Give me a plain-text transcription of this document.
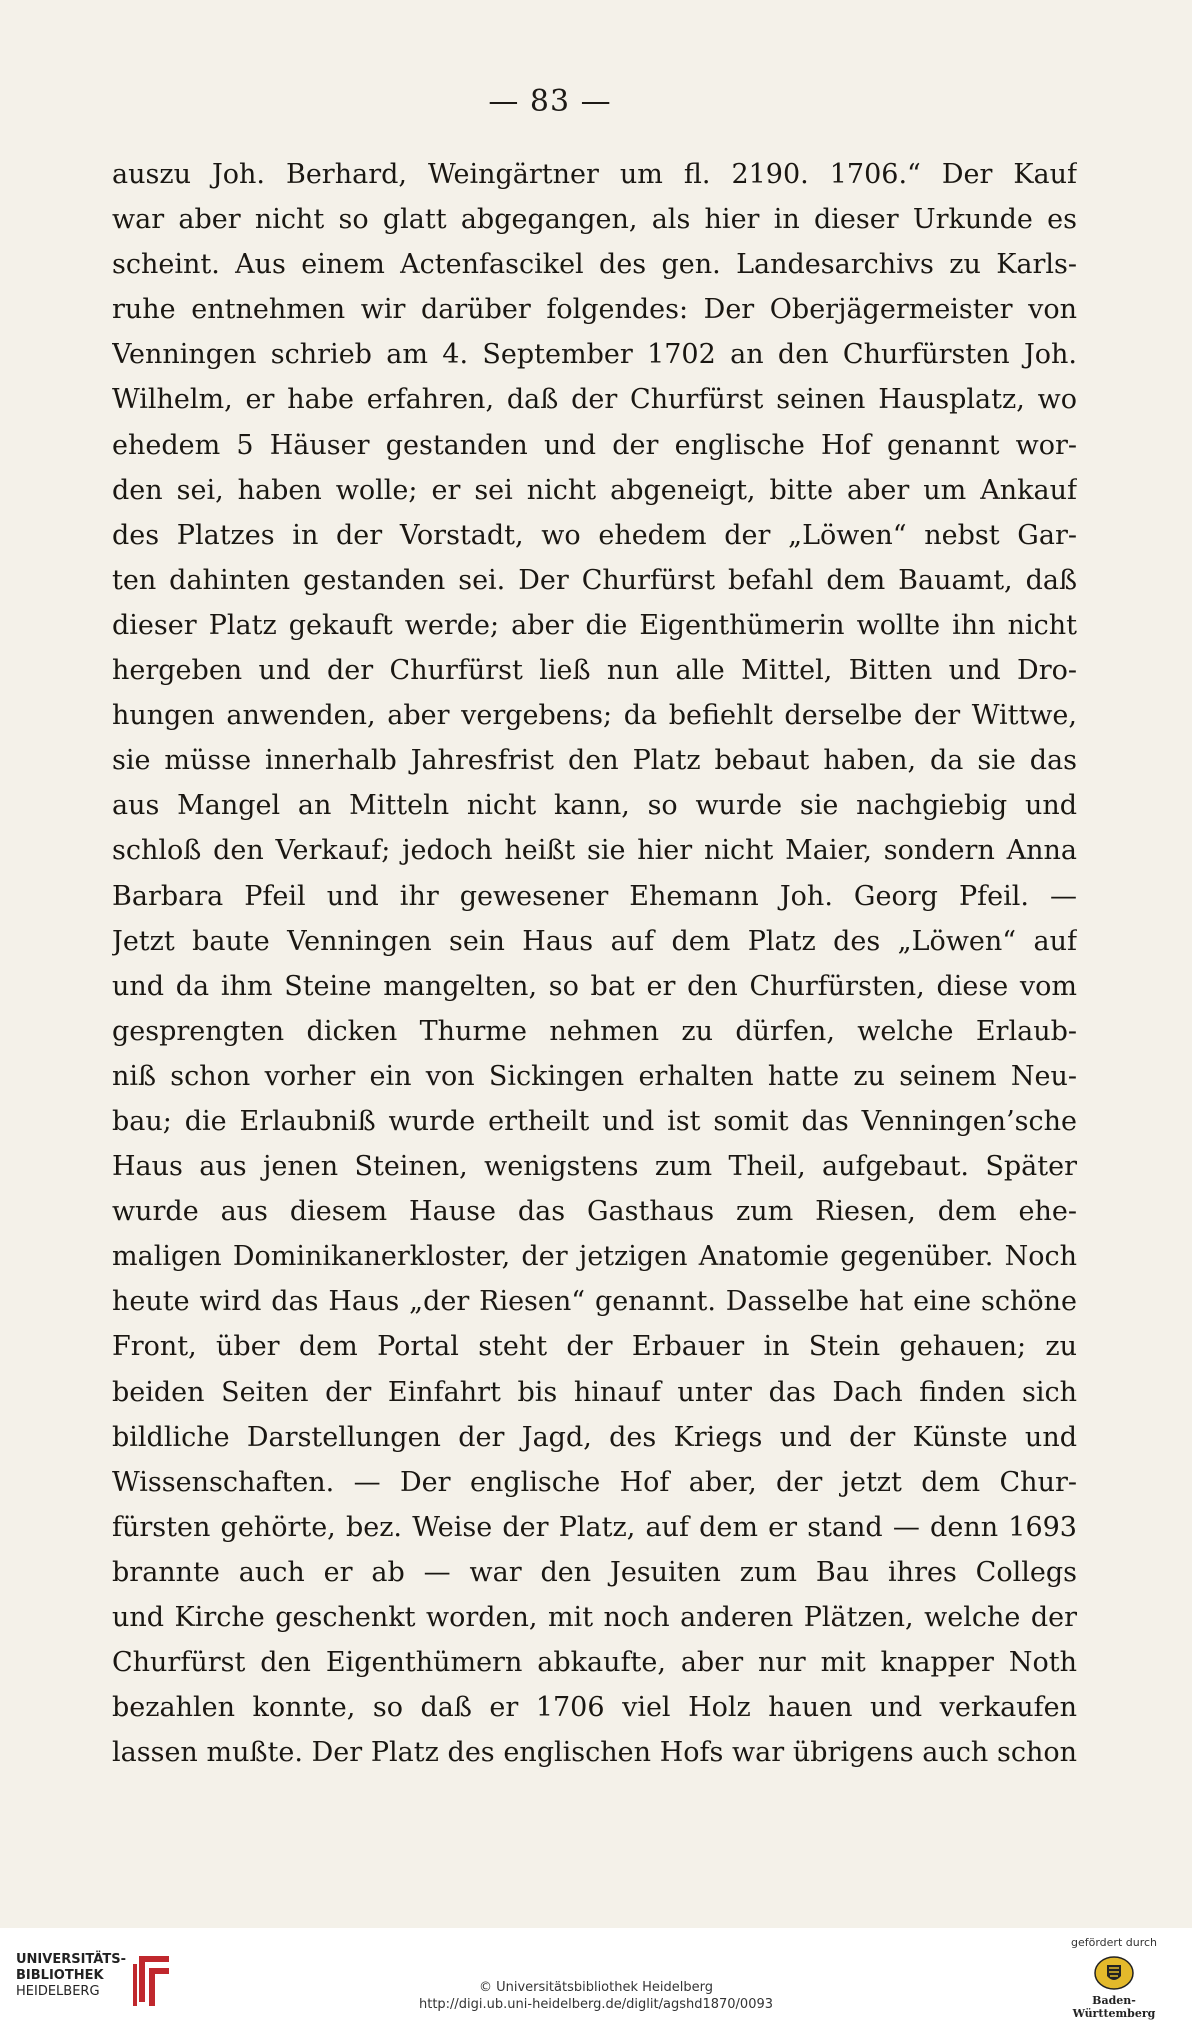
— 83 —
auszu Joh. Berhard, Weingärtner um fl. 2190. 1706.“ Der Kauf
war aber nicht so glatt abgegangen, als hier in dieser Urkunde es
scheint. Aus einem Actenfascikel des gen. Landesarchivs zu Karls-
ruhe entnehmen wir darüber folgendes: Der Oberjägermeister von
Venningen schrieb am 4. September 1702 an den Churfürsten Joh.
Wilhelm, er habe erfahren, daß der Churfürst seinen Hausplatz, wo
ehedem 5 Häuser gestanden und der englische Hof genannt wor-
den sei, haben wolle; er sei nicht abgeneigt, bitte aber um Ankauf
des Platzes in der Vorstadt, wo ehedem der „Löwen“ nebst Gar-
ten dahinten gestanden sei. Der Churfürst befahl dem Bauamt, daß
dieser Platz gekauft werde; aber die Eigenthümerin wollte ihn nicht
hergeben und der Churfürst ließ nun alle Mittel, Bitten und Dro-
hungen anwenden, aber vergebens; da befiehlt derselbe der Wittwe,
sie müsse innerhalb Jahresfrist den Platz bebaut haben, da sie das
aus Mangel an Mitteln nicht kann, so wurde sie nachgiebig und
schloß den Verkauf; jedoch heißt sie hier nicht Maier, sondern Anna
Barbara Pfeil und ihr gewesener Ehemann Joh. Georg Pfeil. —
Jetzt baute Venningen sein Haus auf dem Platz des „Löwen“ auf
und da ihm Steine mangelten, so bat er den Churfürsten, diese vom
gesprengten dicken Thurme nehmen zu dürfen, welche Erlaub-
niß schon vorher ein von Sickingen erhalten hatte zu seinem Neu-
bau; die Erlaubniß wurde ertheilt und ist somit das Venningen’sche
Haus aus jenen Steinen, wenigstens zum Theil, aufgebaut. Später
wurde aus diesem Hause das Gasthaus zum Riesen, dem ehe-
maligen Dominikanerkloster, der jetzigen Anatomie gegenüber. Noch
heute wird das Haus „der Riesen“ genannt. Dasselbe hat eine schöne
Front, über dem Portal steht der Erbauer in Stein gehauen; zu
beiden Seiten der Einfahrt bis hinauf unter das Dach finden sich
bildliche Darstellungen der Jagd, des Kriegs und der Künste und
Wissenschaften. — Der englische Hof aber, der jetzt dem Chur-
fürsten gehörte, bez. Weise der Platz, auf dem er stand — denn 1693
brannte auch er ab — war den Jesuiten zum Bau ihres Collegs
und Kirche geschenkt worden, mit noch anderen Plätzen, welche der
Churfürst den Eigenthümern abkaufte, aber nur mit knapper Noth
bezahlen konnte, so daß er 1706 viel Holz hauen und verkaufen
lassen mußte. Der Platz des englischen Hofs war übrigens auch schon
UNIVERSITÄTS-
BIBLIOTHEK
HEIDELBERG	© Universitätsbibliothek Heidelberg
http://digi.ub.uni-heidelberg.de/diglit/agshd1870/0093
gefördert durch
Baden-Württemberg
